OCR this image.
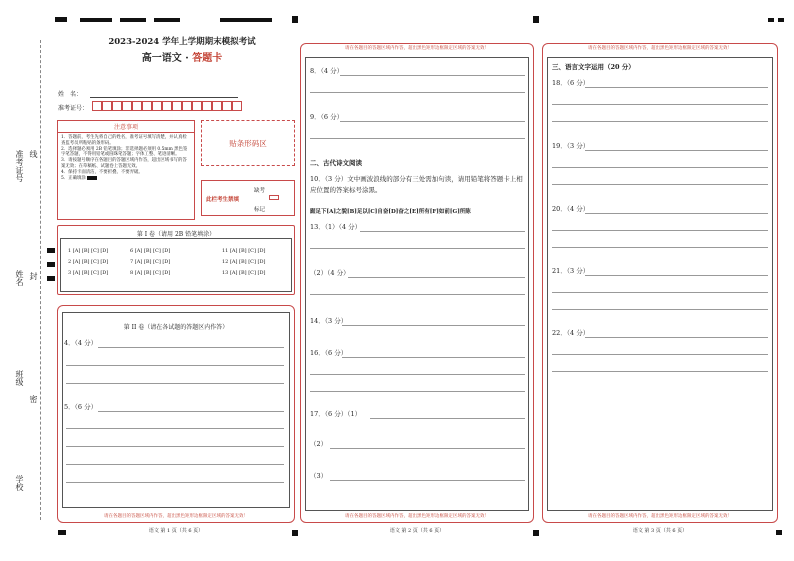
准考证号 线
姓名 封
班级
密
学校
2023-2024 学年上学期期末模拟考试
高一语文 · 答题卡
姓　名：
准考证号：
注意事项
1．答题前，考生先将自己的姓名，准考证号填写清楚，并认真检查监考员所粘贴的条形码。
2．选择题必须用 2B 铅笔填涂；非选择题必须用 0.5mm 黑色签字笔答题，不得用铅笔或圆珠笔答题；字体工整、笔迹清晰。
3．请按题号顺序在各题目的答题区域内作答，超出区域书写的答案无效；在草稿纸、试题卷上答题无效。
4．保持卡面清洁，不要折叠、不要弄破。
5．正确填涂
贴条形码区
此栏考生禁填
缺考
标记
第 I 卷（请用 2B 铅笔填涂）
1 [A] [B] [C] [D]	6 [A] [B] [C] [D]	11 [A] [B] [C] [D]
2 [A] [B] [C] [D]	7 [A] [B] [C] [D]	12 [A] [B] [C] [D]
3 [A] [B] [C] [D]	8 [A] [B] [C] [D]	13 [A] [B] [C] [D]
第 II 卷（请在各试题的答题区内作答）
4．（4 分）
5．（6 分）
请在各题目的答题区域内作答，超出黑色矩形边框限定区域的答案无效！
语文 第 1 页（共 6 页）
请在各题目的答题区域内作答，超出黑色矩形边框限定区域的答案无效！
8．（4 分）
9．（6 分）
二、古代诗文阅读
10．（3 分）文中画波浪线的部分有三处需加句读，请用铅笔将答题卡上相应位置的答案标号涂黑。
踞足下[A]之貌[B]足以[C]自奋[D]奋之[E]所有[F]如前[G]所陈
13．（1）（4 分）
（2）（4 分）
14．（3 分）
16．（6 分）
17．（6 分）（1）
（2）
（3）
请在各题目的答题区域内作答，超出黑色矩形边框限定区域的答案无效！
语文 第 2 页（共 6 页）
请在各题目的答题区域内作答，超出黑色矩形边框限定区域的答案无效！
三、语言文字运用（20 分）
18．（6 分）
19．（3 分）
20．（4 分）
21．（3 分）
22．（4 分）
请在各题目的答题区域内作答，超出黑色矩形边框限定区域的答案无效！
语文 第 3 页（共 6 页）
